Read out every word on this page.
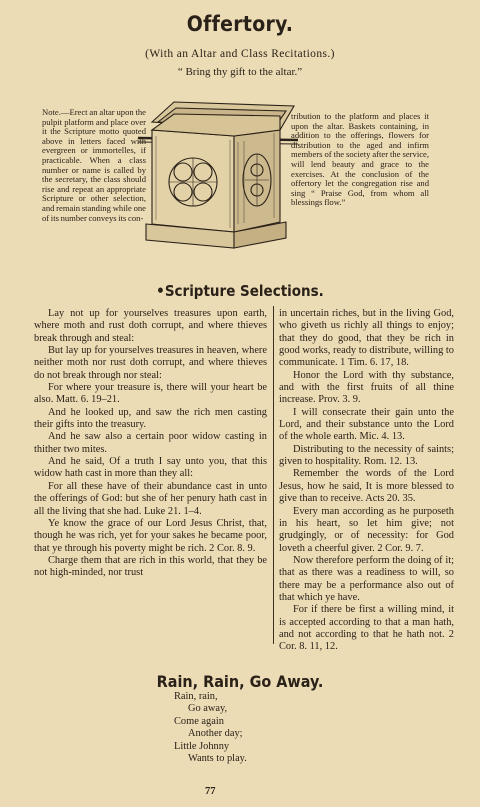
Offertory.
(With an Altar and Class Recitations.)
“ Bring thy gift to the altar.”
Note.—Erect an altar upon the pulpit platform and place over it the Scripture motto quoted above in letters faced with evergreen or immortelles, if practicable. When a class number or name is called by the secretary, the class should rise and repeat an appropriate Scripture or other selection, and remain standing while one of its number conveys its con-
tribution to the platform and places it upon the altar. Baskets containing, in addition to the offerings, flowers for distribution to the aged and infirm members of the society after the service, will lend beauty and grace to the exercises. At the conclusion of the offertory let the congregation rise and sing “ Praise God, from whom all blessings flow.”
•Scripture Selections.

Lay not up for yourselves treasures upon earth, where moth and rust doth corrupt, and where thieves break through and steal:

But lay up for yourselves treasures in heaven, where neither moth nor rust doth corrupt, and where thieves do not break through nor steal:

For where your treasure is, there will your heart be also. Matt. 6. 19–21.

And he looked up, and saw the rich men casting their gifts into the treasury.

And he saw also a certain poor widow casting in thither two mites.

And he said, Of a truth I say unto you, that this widow hath cast in more than they all:

For all these have of their abundance cast in unto the offerings of God: but she of her penury hath cast in all the living that she had. Luke 21. 1–4.

Ye know the grace of our Lord Jesus Christ, that, though he was rich, yet for your sakes he became poor, that ye through his poverty might be rich. 2 Cor. 8. 9.

Charge them that are rich in this world, that they be not high-minded, nor trust

in uncertain riches, but in the living God, who giveth us richly all things to enjoy; that they do good, that they be rich in good works, ready to distribute, willing to communicate. 1 Tim. 6. 17, 18.

Honor the Lord with thy substance, and with the first fruits of all thine increase. Prov. 3. 9.

I will consecrate their gain unto the Lord, and their substance unto the Lord of the whole earth. Mic. 4. 13.

Distributing to the necessity of saints; given to hospitality. Rom. 12. 13.

Remember the words of the Lord Jesus, how he said, It is more blessed to give than to receive. Acts 20. 35.

Every man according as he purposeth in his heart, so let him give; not grudgingly, or of necessity: for God loveth a cheerful giver. 2 Cor. 9. 7.

Now therefore perform the doing of it; that as there was a readiness to will, so there may be a performance also out of that which ye have.

For if there be first a willing mind, it is accepted according to that a man hath, and not according to that he hath not. 2 Cor. 8. 11, 12.

Rain, Rain, Go Away.
Rain, rain,
Go away,
Come again
Another day;
Little Johnny
Wants to play.
77
